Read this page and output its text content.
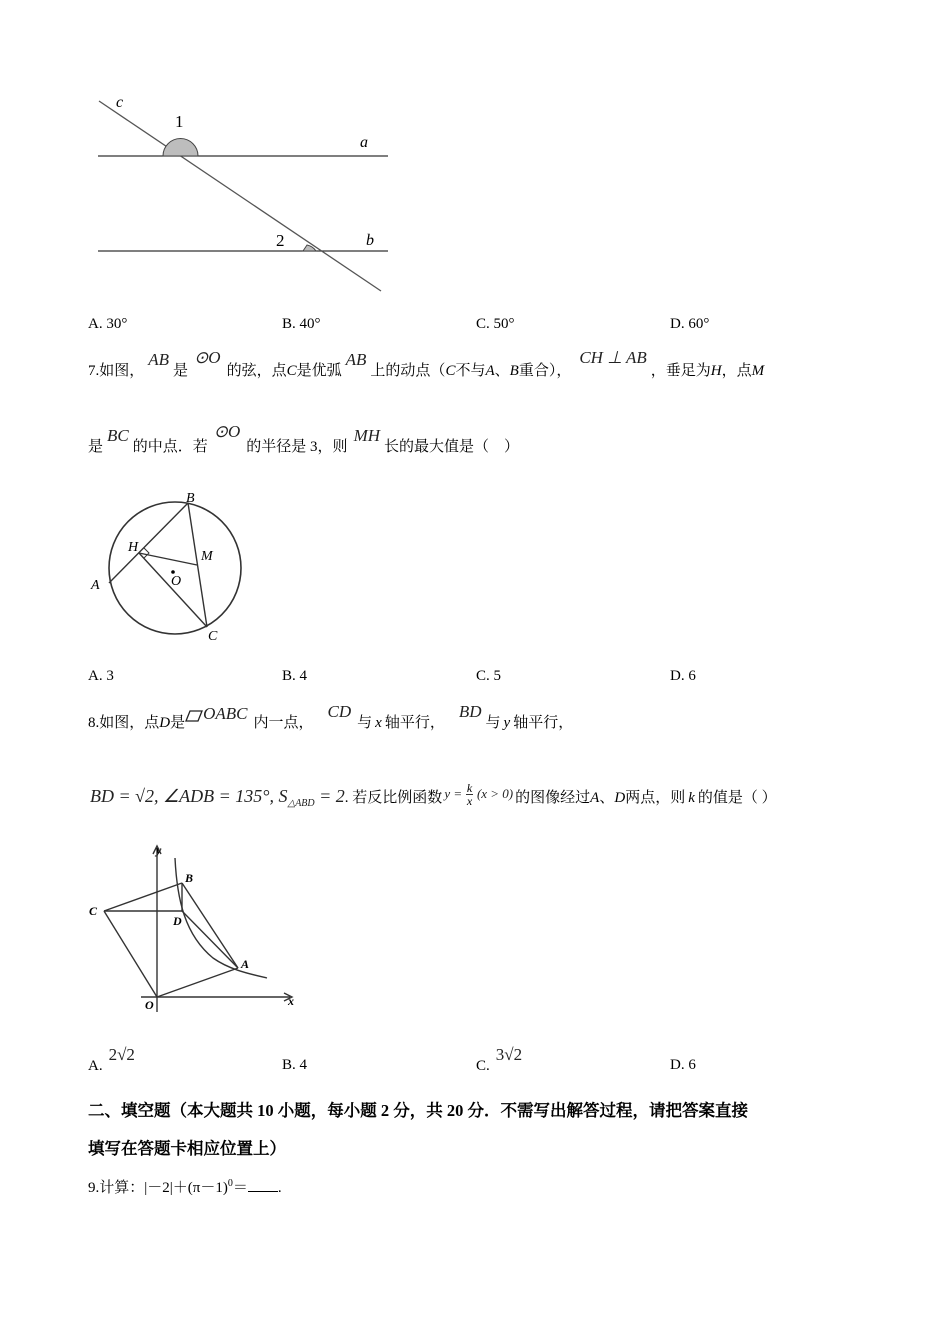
c
1
a
2	b
A. 30°	B. 40°	C. 50°	D. 60°
7.如图，AB是⊙O的弦，点C是优弧AB上的动点（C不与A、B重合），CH ⊥ AB，垂足为H，点M
是BC的中点．若⊙O的半径是 3，则MH长的最大值是（　）
B
H
M
O
A
C
A. 3	B. 4	C. 5	D. 6
8.如图，点D是 OABC 内一点，CD与 x 轴平行，BD与 y 轴平行，
BD = √2, ∠ADB = 135°, $S_{\triangle ABD} = 2$. 若反比例函数 $y = \frac{k}{x} (x > 0)$ 的图像经过A、D两点，则 k 的值是（ ）
y
B
C
D
A
O	x
A.2√2
B. 4	C.3√2
D. 6
二、填空题（本大题共 10 小题，每小题 2 分，共 20 分．不需写出解答过程，请把答案直接
填写在答题卡相应位置上）
9.计算：$|-2|+(\pi-1)^0=$ .
